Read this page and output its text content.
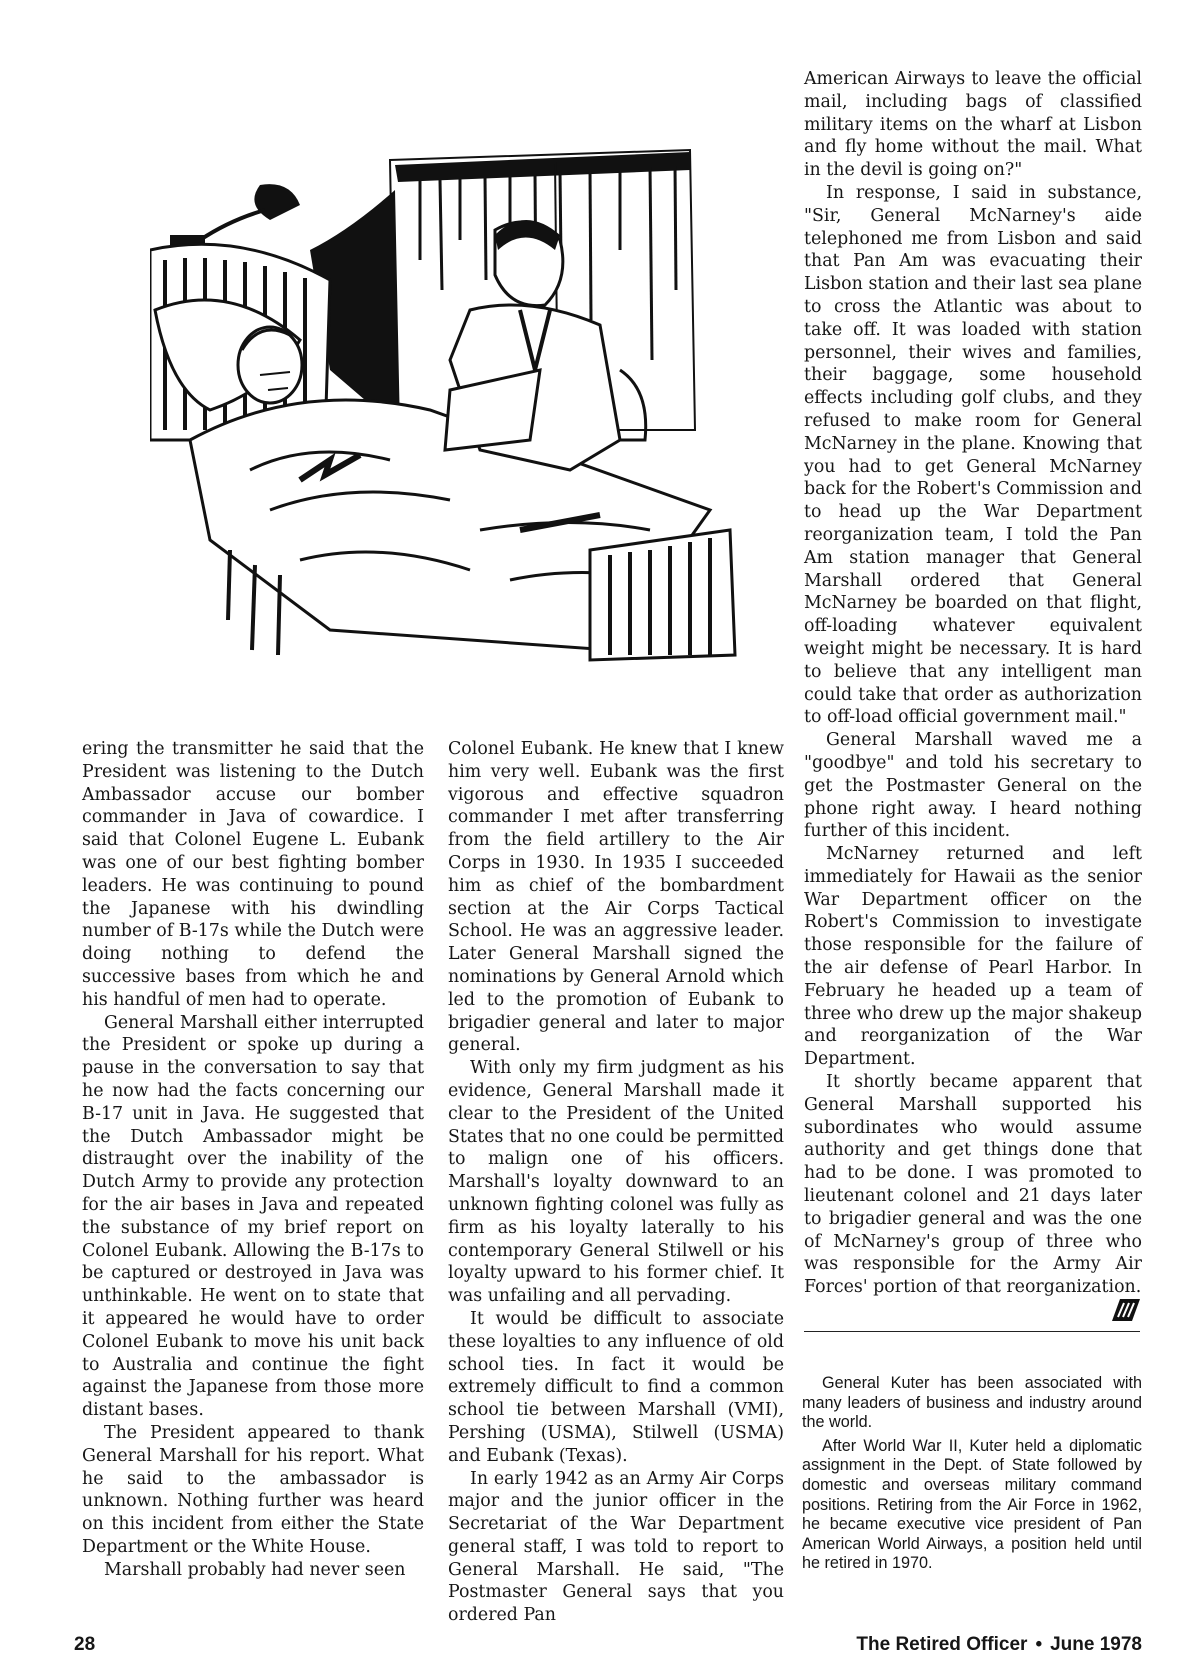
ering the transmitter he said that the President was listening to the Dutch Ambassador accuse our bomber commander in Java of cowardice. I said that Colonel Eugene L. Eubank was one of our best fighting bomber leaders. He was continuing to pound the Japanese with his dwindling number of B-17s while the Dutch were doing nothing to defend the successive bases from which he and his handful of men had to operate.

General Marshall either interrupted the President or spoke up during a pause in the conversation to say that he now had the facts concerning our B-17 unit in Java. He suggested that the Dutch Ambassador might be distraught over the inability of the Dutch Army to provide any protection for the air bases in Java and repeated the substance of my brief report on Colonel Eubank. Allowing the B-17s to be captured or destroyed in Java was unthinkable. He went on to state that it appeared he would have to order Colonel Eubank to move his unit back to Australia and continue the fight against the Japanese from those more distant bases.

The President appeared to thank General Marshall for his report. What he said to the ambassador is unknown. Nothing further was heard on this incident from either the State Department or the White House.

Marshall probably had never seen

Colonel Eubank. He knew that I knew him very well. Eubank was the first vigorous and effective squadron commander I met after transferring from the field artillery to the Air Corps in 1930. In 1935 I succeeded him as chief of the bombardment section at the Air Corps Tactical School. He was an aggressive leader. Later General Marshall signed the nominations by General Arnold which led to the promotion of Eubank to brigadier general and later to major general.

With only my firm judgment as his evidence, General Marshall made it clear to the President of the United States that no one could be permitted to malign one of his officers. Marshall's loyalty downward to an unknown fighting colonel was fully as firm as his loyalty laterally to his contemporary General Stilwell or his loyalty upward to his former chief. It was unfailing and all pervading.

It would be difficult to associate these loyalties to any influence of old school ties. In fact it would be extremely difficult to find a common school tie between Marshall (VMI), Pershing (USMA), Stilwell (USMA) and Eubank (Texas).

In early 1942 as an Army Air Corps major and the junior officer in the Secretariat of the War Department general staff, I was told to report to General Marshall. He said, "The Postmaster General says that you ordered Pan

American Airways to leave the official mail, including bags of classified military items on the wharf at Lisbon and fly home without the mail. What in the devil is going on?"

In response, I said in substance, "Sir, General McNarney's aide telephoned me from Lisbon and said that Pan Am was evacuating their Lisbon station and their last sea plane to cross the Atlantic was about to take off. It was loaded with station personnel, their wives and families, their baggage, some household effects including golf clubs, and they refused to make room for General McNarney in the plane. Knowing that you had to get General McNarney back for the Robert's Commission and to head up the War Department reorganization team, I told the Pan Am station manager that General Marshall ordered that General McNarney be boarded on that flight, off-loading whatever equivalent weight might be necessary. It is hard to believe that any intelligent man could take that order as authorization to off-load official government mail."

General Marshall waved me a "goodbye" and told his secretary to get the Postmaster General on the phone right away. I heard nothing further of this incident.

McNarney returned and left immediately for Hawaii as the senior War Department officer on the Robert's Commission to investigate those responsible for the failure of the air defense of Pearl Harbor. In February he headed up a team of three who drew up the major shakeup and reorganization of the War Department.

It shortly became apparent that General Marshall supported his subordinates who would assume authority and get things done that had to be done. I was promoted to lieutenant colonel and 21 days later to brigadier general and was the one of McNarney's group of three who was responsible for the Army Air Forces' portion of that reorganization.

General Kuter has been associated with many leaders of business and industry around the world.

After World War II, Kuter held a diplomatic assignment in the Dept. of State followed by domestic and overseas military command positions. Retiring from the Air Force in 1962, he became executive vice president of Pan American World Airways, a position held until he retired in 1970.

28	The Retired Officer • June 1978
